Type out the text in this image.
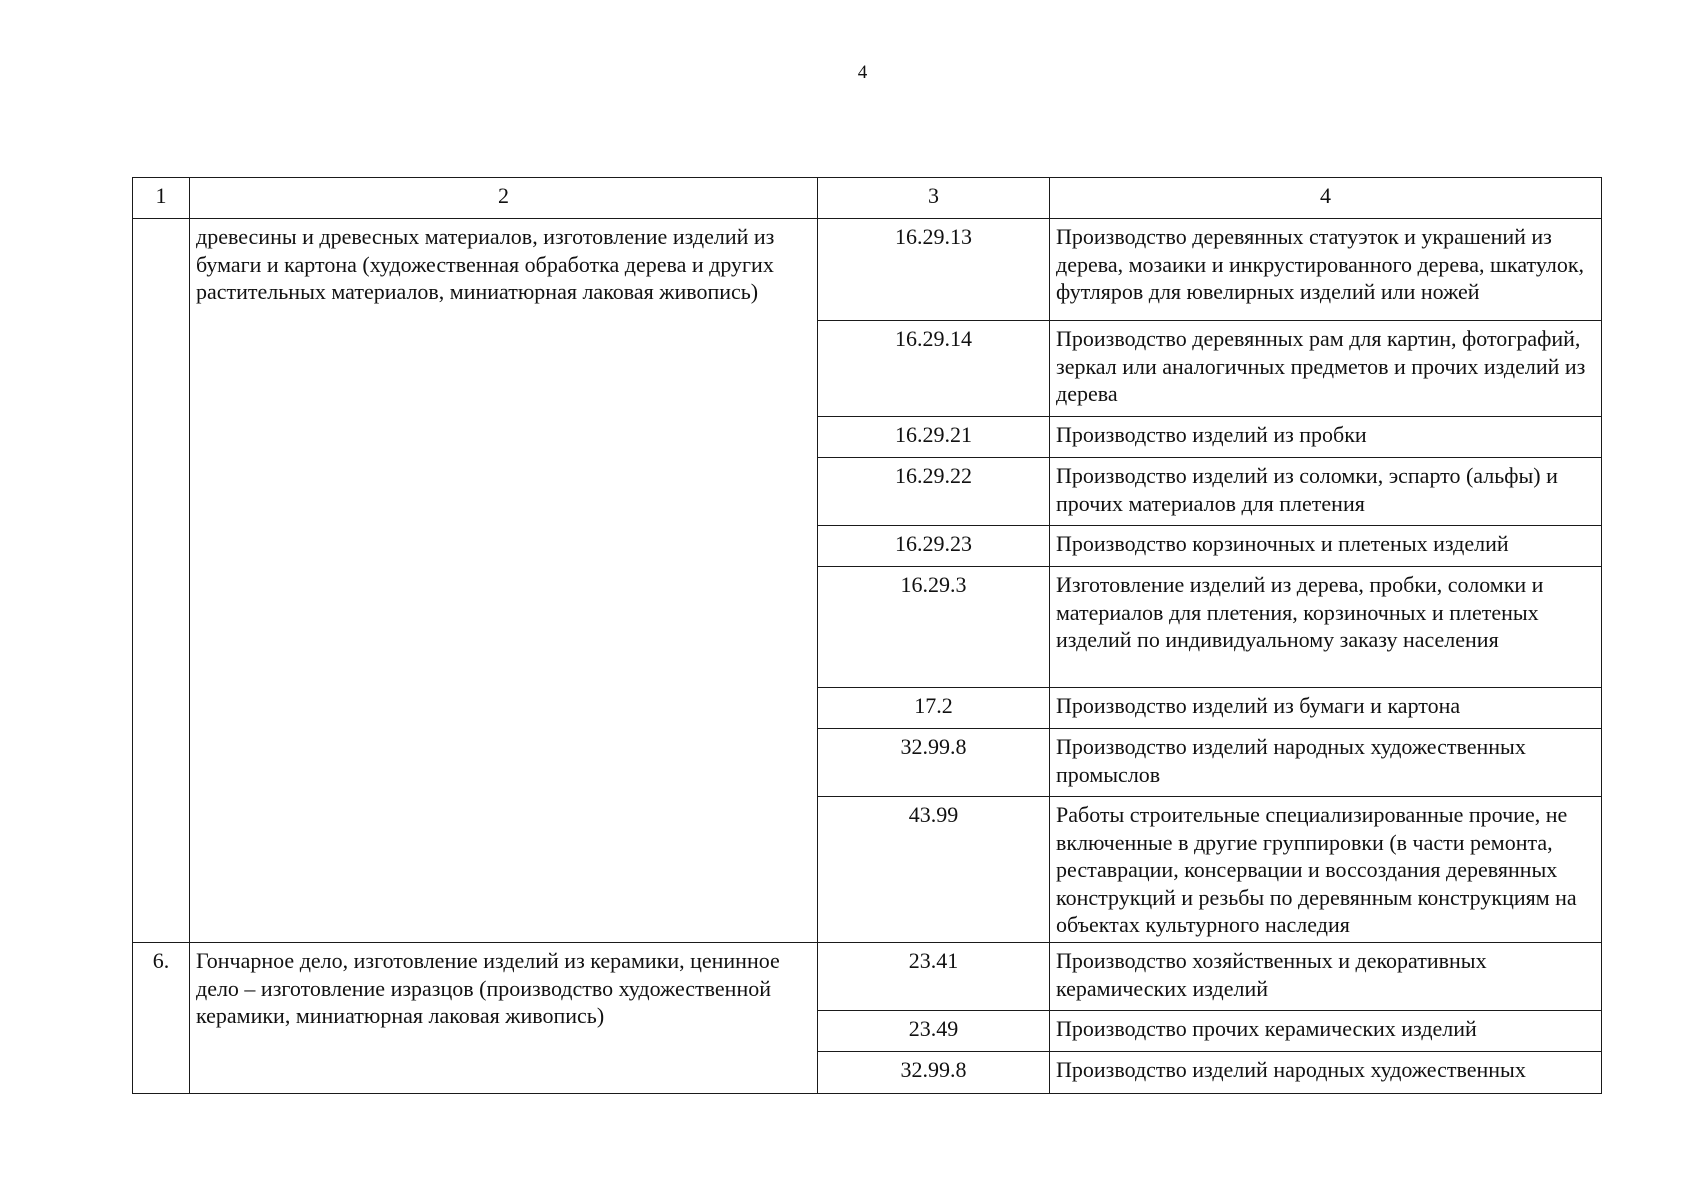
4
1	2	3	4
	древесины и древесных материалов, изготовление изделий из бумаги и картона (художественная обработка дерева и других растительных материалов, миниатюрная лаковая живопись)	16.29.13	Производство деревянных статуэток и украшений из дерева, мозаики и инкрустированного дерева, шкатулок, футляров для ювелирных изделий или ножей
		16.29.14	Производство деревянных рам для картин, фотографий, зеркал или аналогичных предметов и прочих изделий из дерева
		16.29.21	Производство изделий из пробки
		16.29.22	Производство изделий из соломки, эспарто (альфы) и прочих материалов для плетения
		16.29.23	Производство корзиночных и плетеных изделий
		16.29.3	Изготовление изделий из дерева, пробки, соломки и материалов для плетения, корзиночных и плетеных изделий по индивидуальному заказу населения
		17.2	Производство изделий из бумаги и картона
		32.99.8	Производство изделий народных художественных промыслов
		43.99	Работы строительные специализированные прочие, не включенные в другие группировки (в части ремонта, реставрации, консервации и воссоздания деревянных конструкций и резьбы по деревянным конструкциям на объектах культурного наследия
6.	Гончарное дело, изготовление изделий из керамики, ценинное дело – изготовление изразцов (производство художественной керамики, миниатюрная лаковая живопись)	23.41	Производство хозяйственных и декоративных керамических изделий
		23.49	Производство прочих керамических изделий
		32.99.8	Производство изделий народных художественных
